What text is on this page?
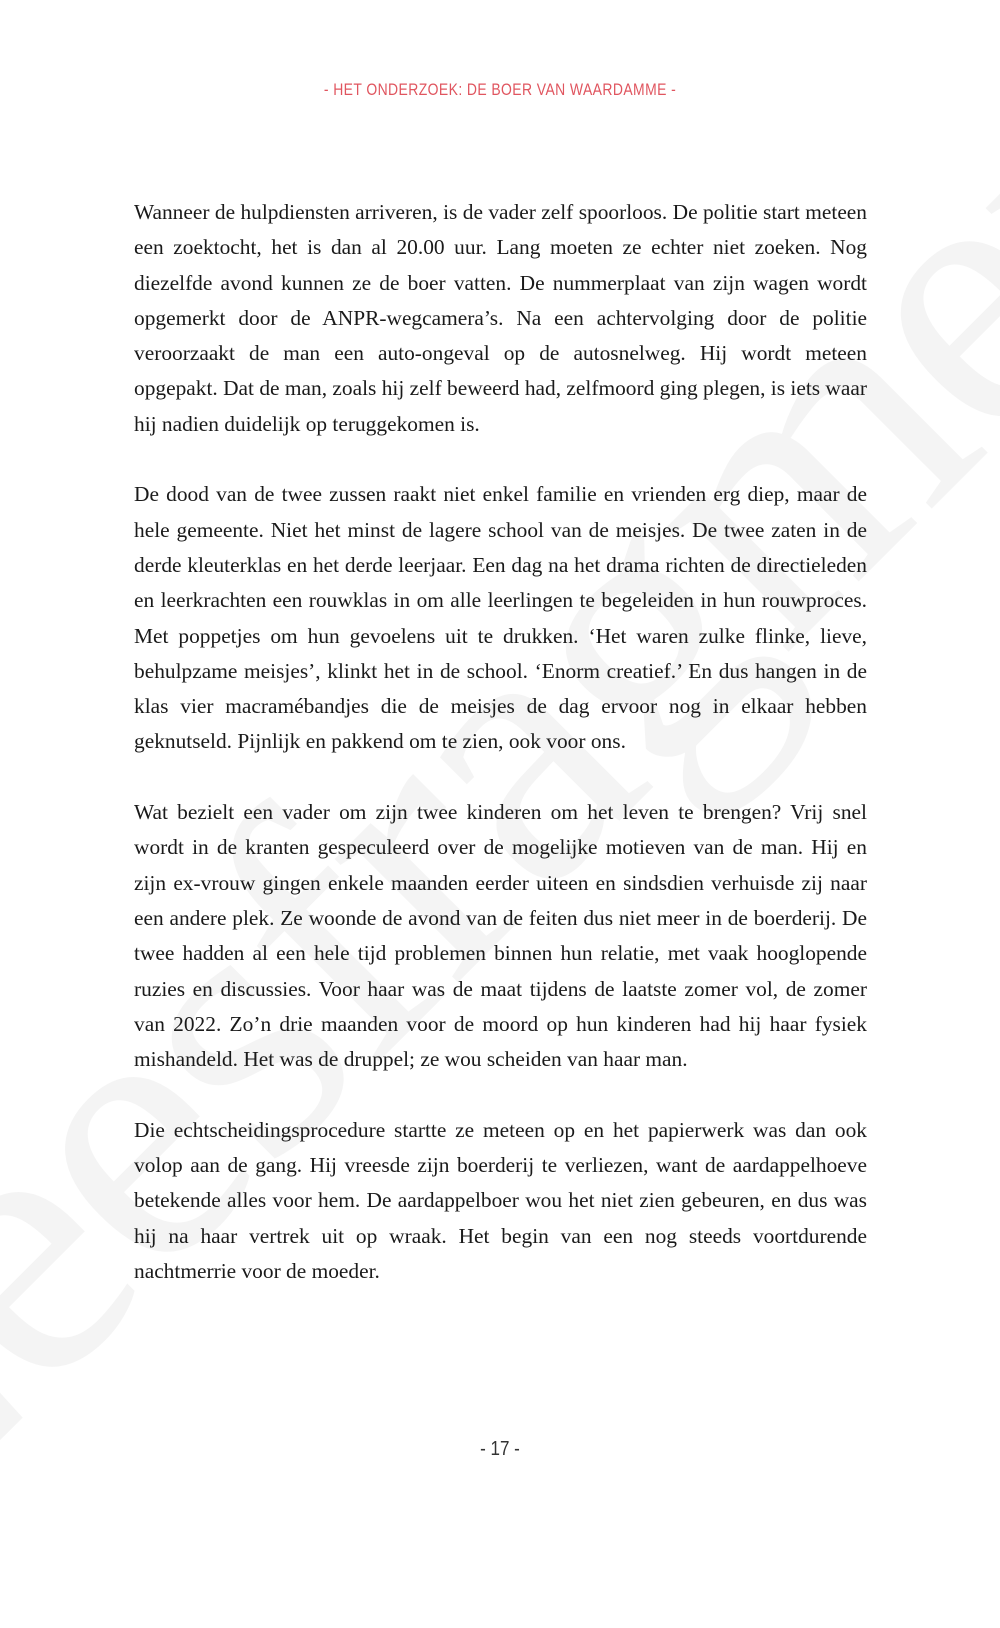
- HET ONDERZOEK: DE BOER VAN WAARDAMME -

Wanneer de hulpdiensten arriveren, is de vader zelf spoorloos. De politie start meteen een zoektocht, het is dan al 20.00 uur. Lang moeten ze echter niet zoeken. Nog diezelfde avond kunnen ze de boer vatten. De nummerplaat van zijn wagen wordt opgemerkt door de ANPR-wegcamera’s. Na een achtervolging door de politie veroorzaakt de man een auto-ongeval op de autosnelweg. Hij wordt meteen opgepakt. Dat de man, zoals hij zelf beweerd had, zelfmoord ging plegen, is iets waar hij nadien duidelijk op teruggekomen is.

De dood van de twee zussen raakt niet enkel familie en vrienden erg diep, maar de hele gemeente. Niet het minst de lagere school van de meisjes. De twee zaten in de derde kleuterklas en het derde leerjaar. Een dag na het drama richten de directieleden en leerkrachten een rouwklas in om alle leerlingen te begeleiden in hun rouwproces. Met poppetjes om hun gevoelens uit te drukken. ‘Het waren zulke flinke, lieve, behulpzame meisjes’, klinkt het in de school. ‘Enorm creatief.’ En dus hangen in de klas vier macramébandjes die de meisjes de dag ervoor nog in elkaar hebben geknutseld. Pijnlijk en pakkend om te zien, ook voor ons.

Wat bezielt een vader om zijn twee kinderen om het leven te brengen? Vrij snel wordt in de kranten gespeculeerd over de mogelijke motieven van de man. Hij en zijn ex-vrouw gingen enkele maanden eerder uiteen en sindsdien verhuisde zij naar een andere plek. Ze woonde de avond van de feiten dus niet meer in de boerderij. De twee hadden al een hele tijd problemen binnen hun relatie, met vaak hooglopende ruzies en discussies. Voor haar was de maat tijdens de laatste zomer vol, de zomer van 2022. Zo’n drie maanden voor de moord op hun kinderen had hij haar fysiek mishandeld. Het was de druppel; ze wou scheiden van haar man.

Die echtscheidingsprocedure startte ze meteen op en het papierwerk was dan ook volop aan de gang. Hij vreesde zijn boerderij te verliezen, want de aardappelhoeve betekende alles voor hem. De aardappelboer wou het niet zien gebeuren, en dus was hij na haar vertrek uit op wraak. Het begin van een nog steeds voortdurende nachtmerrie voor de moeder.

- 17 -
